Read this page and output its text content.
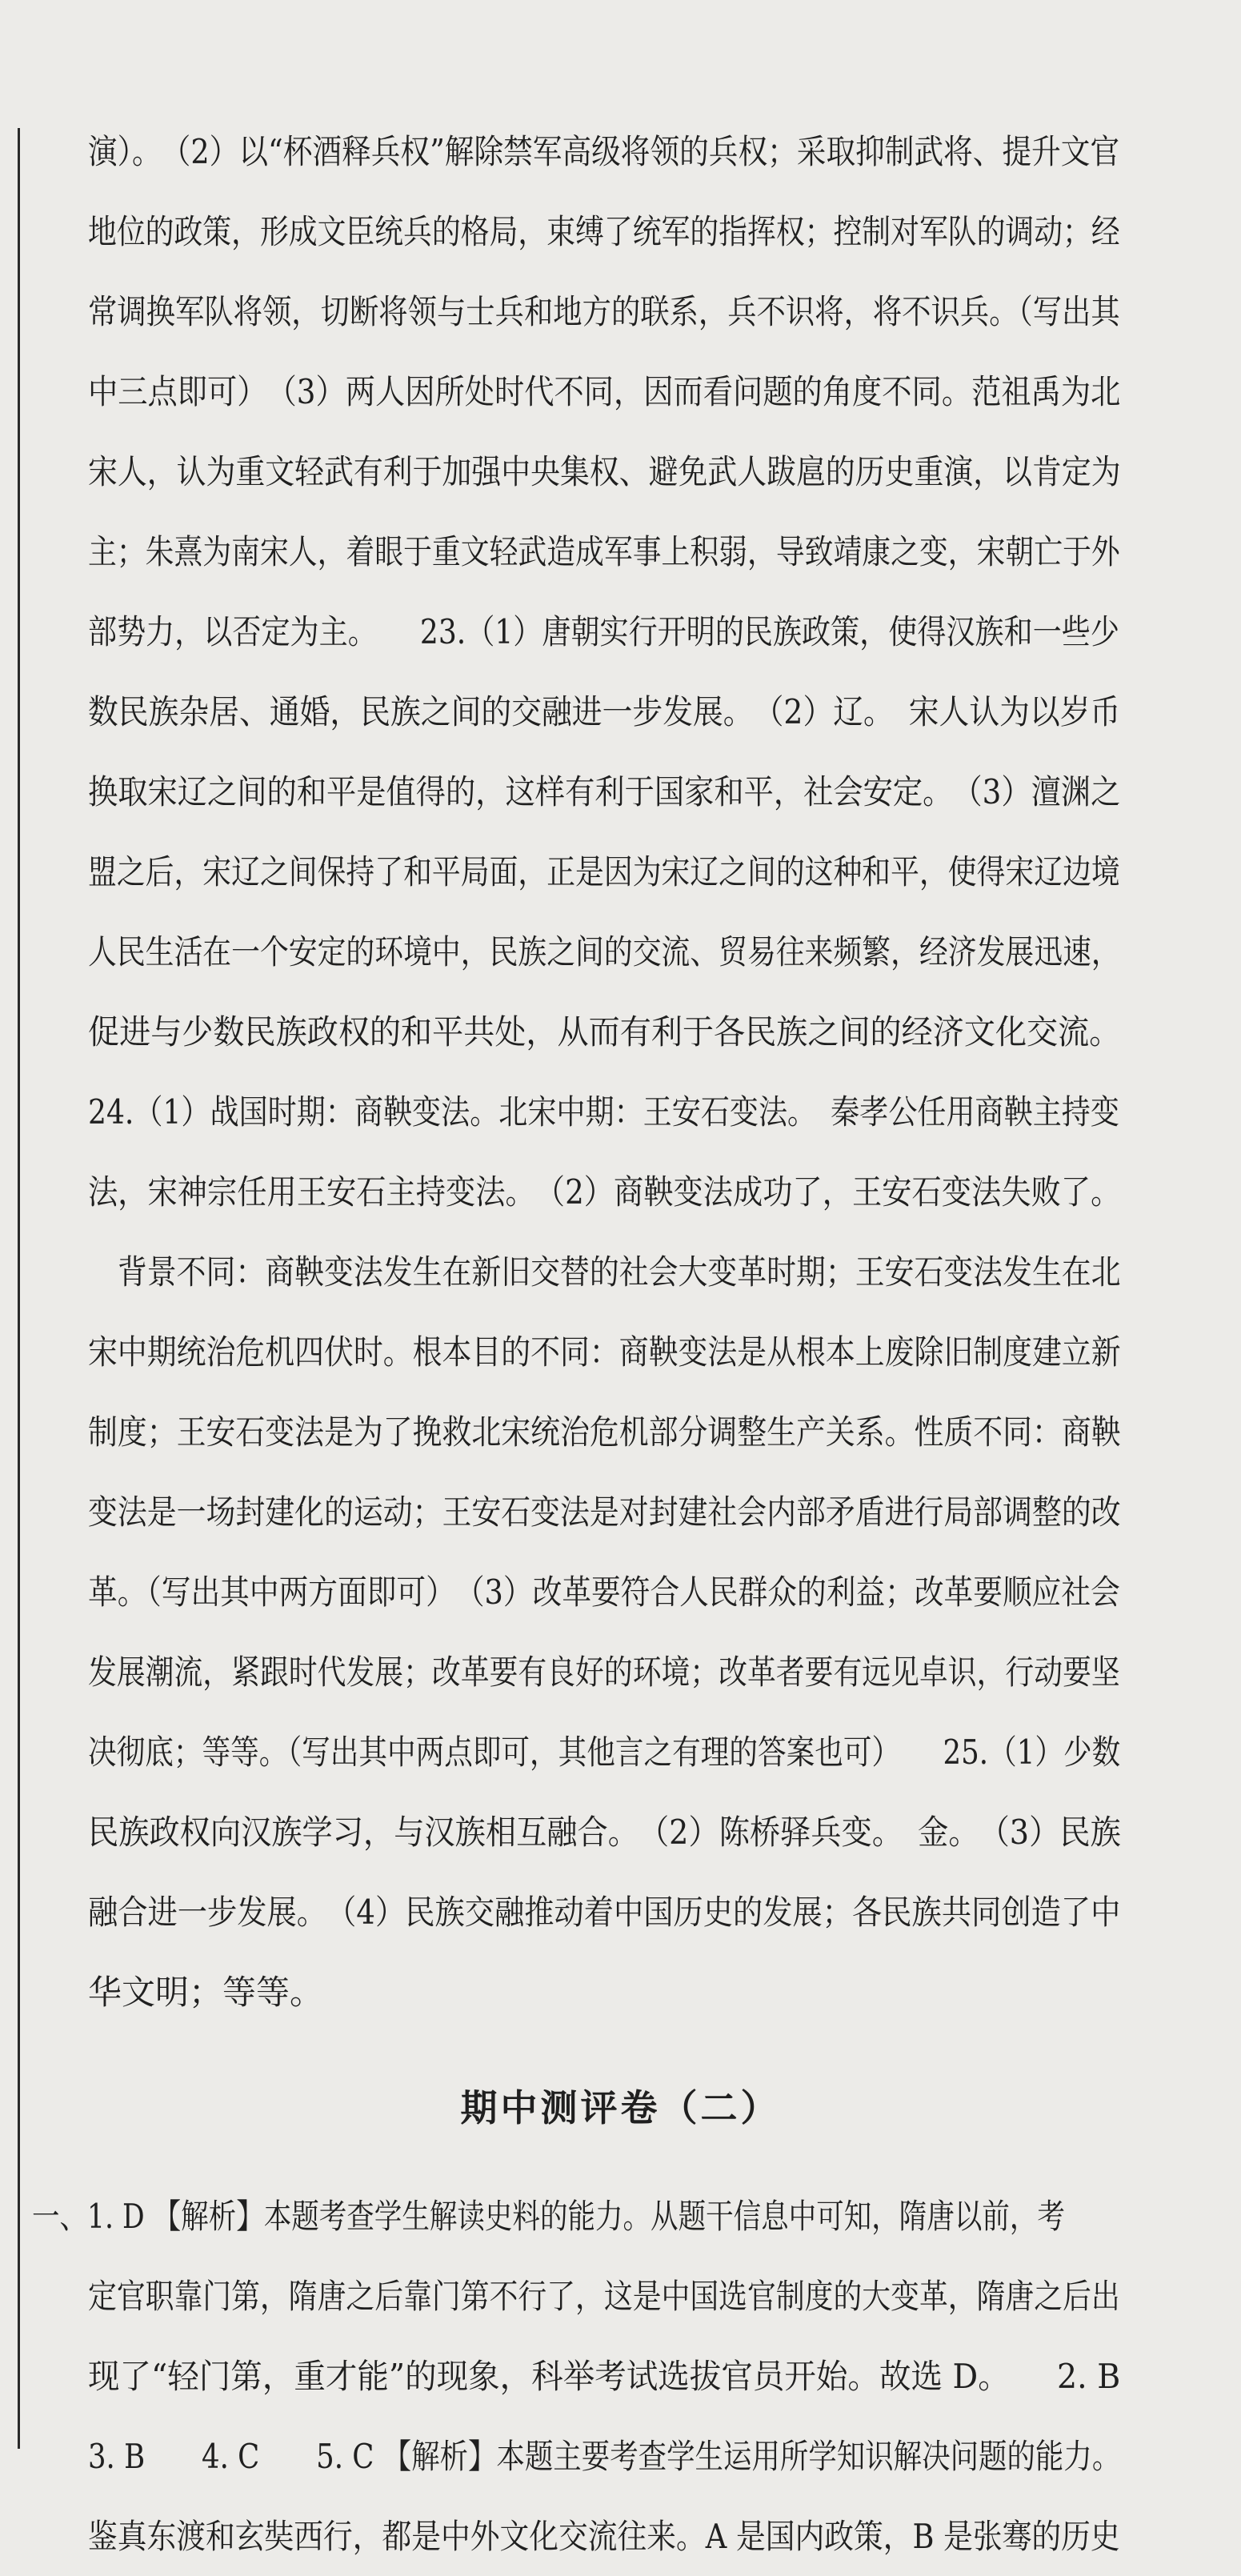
演）。　（2）以“杯酒释兵权”解除禁军高级将领的兵权；采取抑制武将、提升文官
地位的政策，形成文臣统兵的格局，束缚了统军的指挥权；控制对军队的调动；经
常调换军队将领，切断将领与士兵和地方的联系，兵不识将，将不识兵。（写出其
中三点即可）　（3）两人因所处时代不同，因而看问题的角度不同。范祖禹为北
宋人，认为重文轻武有利于加强中央集权、避免武人跋扈的历史重演，以肯定为
主；朱熹为南宋人，着眼于重文轻武造成军事上积弱，导致靖康之变，宋朝亡于外
部势力，以否定为主。　　23.（1）唐朝实行开明的民族政策，使得汉族和一些少
数民族杂居、通婚，民族之间的交融进一步发展。　（2）辽。　宋人认为以岁币
换取宋辽之间的和平是值得的，这样有利于国家和平，社会安定。　（3）澶渊之
盟之后，宋辽之间保持了和平局面，正是因为宋辽之间的这种和平，使得宋辽边境
人民生活在一个安定的环境中，民族之间的交流、贸易往来频繁，经济发展迅速，
促进与少数民族政权的和平共处，从而有利于各民族之间的经济文化交流。
24.（1）战国时期：商鞅变法。北宋中期：王安石变法。　秦孝公任用商鞅主持变
法，宋神宗任用王安石主持变法。　（2）商鞅变法成功了，王安石变法失败了。
　背景不同：商鞅变法发生在新旧交替的社会大变革时期；王安石变法发生在北
宋中期统治危机四伏时。根本目的不同：商鞅变法是从根本上废除旧制度建立新
制度；王安石变法是为了挽救北宋统治危机部分调整生产关系。性质不同：商鞅
变法是一场封建化的运动；王安石变法是对封建社会内部矛盾进行局部调整的改
革。（写出其中两方面即可）　（3）改革要符合人民群众的利益；改革要顺应社会
发展潮流，紧跟时代发展；改革要有良好的环境；改革者要有远见卓识，行动要坚
决彻底；等等。（写出其中两点即可，其他言之有理的答案也可）　　25.（1）少数
民族政权向汉族学习，与汉族相互融合。　（2）陈桥驿兵变。　金。　（3）民族
融合进一步发展。　（4）民族交融推动着中国历史的发展；各民族共同创造了中
华文明；等等。
期中测评卷（二）
一、1. D 【解析】本题考查学生解读史料的能力。从题干信息中可知，隋唐以前，考
定官职靠门第，隋唐之后靠门第不行了，这是中国选官制度的大变革，隋唐之后出
现了“轻门第，重才能”的现象，科举考试选拔官员开始。故选 D。　　2. B
3. B　　4. C　　5. C 【解析】本题主要考查学生运用所学知识解决问题的能力。
鉴真东渡和玄奘西行，都是中外文化交流往来。A 是国内政策，B 是张骞的历史
